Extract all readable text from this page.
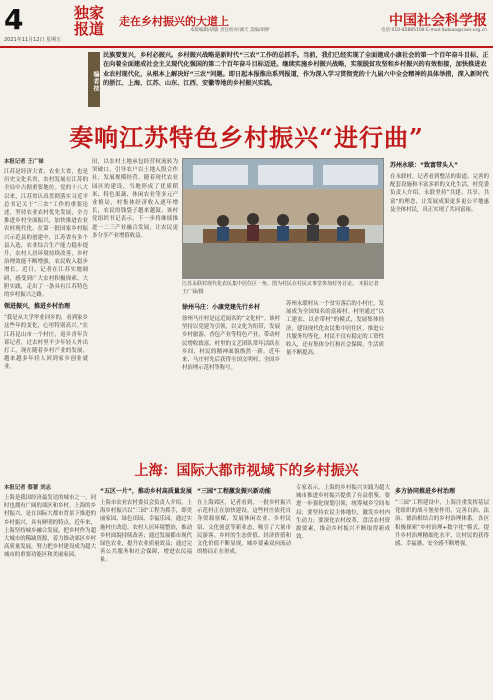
4
2021年11月12日 星期五
独家
报道	走在乡村振兴的大道上
本版编辑/胡敏 责任校对/谢天 美编/胡婷
中国社会科学报
电话:010-85885108 E-mail:dubiao@cass.org.cn
编者按
民族要复兴，乡村必振兴。乡村振兴战略是新时代“三农”工作的总抓手。当前，我们已经实现了全面建成小康社会的第一个百年奋斗目标，正在向着全面建成社会主义现代化强国的第二个百年奋斗目标迈进。继续实施乡村振兴战略，实现脱贫攻坚和乡村振兴的有效衔接，加快推进农业农村现代化，从根本上解决好“三农”问题。即日起本报推出系列报道，作为深入学习贯彻党的十九届六中全会精神的具体举措，深入新时代的浙江、上海、江苏、山东、江西、安徽等地的乡村振兴实践。
奏响江苏特色乡村振兴“进行曲”
本报记者 王广禄
江苏是经济大省、农业大省，也是历史文化名省，农村发展在江苏的全局中占据重要地位。党的十八大以来，江苏省认真贯彻落实习近平总书记关于“三农”工作的重要论述，坚持农业农村优先发展，全力推进乡村全面振兴，加快推进农业农村现代化。在第一批国家乡村振兴示范县的创建中，江苏省有多个县入选，农业综合生产能力稳步提升，农村人居环境持续改善，乡村治理效能不断增强，农民收入稳步增长。近日，记者在江苏实地调研，感受到广大农村积极探索、大胆实践，走出了一条具有江苏特色的乡村振兴之路。
领进振兴，推进乡村治理
“我是从大学毕业回乡的，看到家乡这些年的变化，心里特别高兴。”在江苏昆山市一个村庄，返乡青年告诉记者，过去村里不少年轻人外出打工，现在随着乡村产业的发展，越来越多年轻人回到家乡创业就业。
田，以农村土地承包经营权流转为突破口，引导农户以土地入股合作社，发展规模经营。随着现代农业园区的建设，当地形成了优质稻米、特色果蔬、休闲农业等多元产业格局，村集体经济收入逐年增长，农民的钱袋子越来越鼓。该村党组织书记表示，下一步将继续推进一二三产业融合发展，让农民更多分享产业增值收益。
江苏永联村现代化农民集中居住区一角。图为村民在村民议事堂参加村务讨论。 本报记者 王广禄/摄
徐州马庄：小康党建先行乡村
徐州马庄村是远近闻名的“文化村”。该村坚持以党建为引领，以文化为纽带，发展乡村旅游、香包产业等特色产业，带动村民增收致富。村里的文艺团队常年活跃在乡间，村民的精神面貌焕然一新。近年来，马庄村先后获得全国文明村、全国乡村治理示范村等称号。
苏州永联村从一个贫穷落后的小村庄，发展成为全国知名的富裕村。村里通过“以工建农、以企带村”的模式，发展集体经济，建设现代化农民集中居住区，推进公共服务均等化。村民不仅有稳定的工资性收入，还有集体分红和社会保障，生活质量不断提高。
苏州永联：“致富带头人”
在永联村，记者看到整洁的街道、完善的配套设施和丰富多彩的文化生活。村党委负责人介绍，永联坚持“共建、共享、共富”的理念，让发展成果更多更公平地惠及全体村民，真正实现了共同富裕。
上海：国际大都市视域下的乡村振兴
本报记者 蔡蕾 刘志
上海是我国经济最发达的城市之一，同时也拥有广阔的郊区和乡村。上海的乡村振兴，是在国际大都市背景下推进的乡村振兴，具有鲜明的特点。近年来，上海坚持城乡融合发展，把乡村作为超大城市的稀缺资源，着力推动郊区乡村高质量发展，努力把乡村建设成为超大城市的重要功能区和美丽家园。
“五区一片”，推动乡村高质量发展
上海市农业农村委员会负责人介绍，上海乡村振兴以“三园”工程为抓手，即美丽家园、绿色田园、幸福乐园。通过实施村庄改造、农村人居环境整治，推动乡村面貌持续改善；通过发展都市现代绿色农业，提升农业质量效益；通过完善公共服务和社会保障，增进农民福祉。
“三园”工程激发振兴新动能
在上海郊区，记者看到，一批乡村振兴示范村正在加快建设。这些村庄依托自身资源禀赋，发展休闲农业、乡村民宿、文化创意等新业态，吸引了大量市民游客。乡村的生态价值、经济价值和文化价值不断显现，城乡要素双向流动的格局正在形成。
专家表示，上海的乡村振兴实践为超大城市推进乡村振兴提供了有益借鉴。要进一步强化规划引领，统筹城乡空间布局；要坚持农民主体地位，激发乡村内生动力；要深化农村改革，盘活农村资源要素，推动乡村振兴不断取得新成效。
多方协同推进乡村治理
“三园”工程建设中，上海注重发挥基层党组织的战斗堡垒作用，完善自治、法治、德治相结合的乡村治理体系。各区积极探索“乡村治理+数字化”模式，提升乡村治理精细化水平，让村民的获得感、幸福感、安全感不断增强。
